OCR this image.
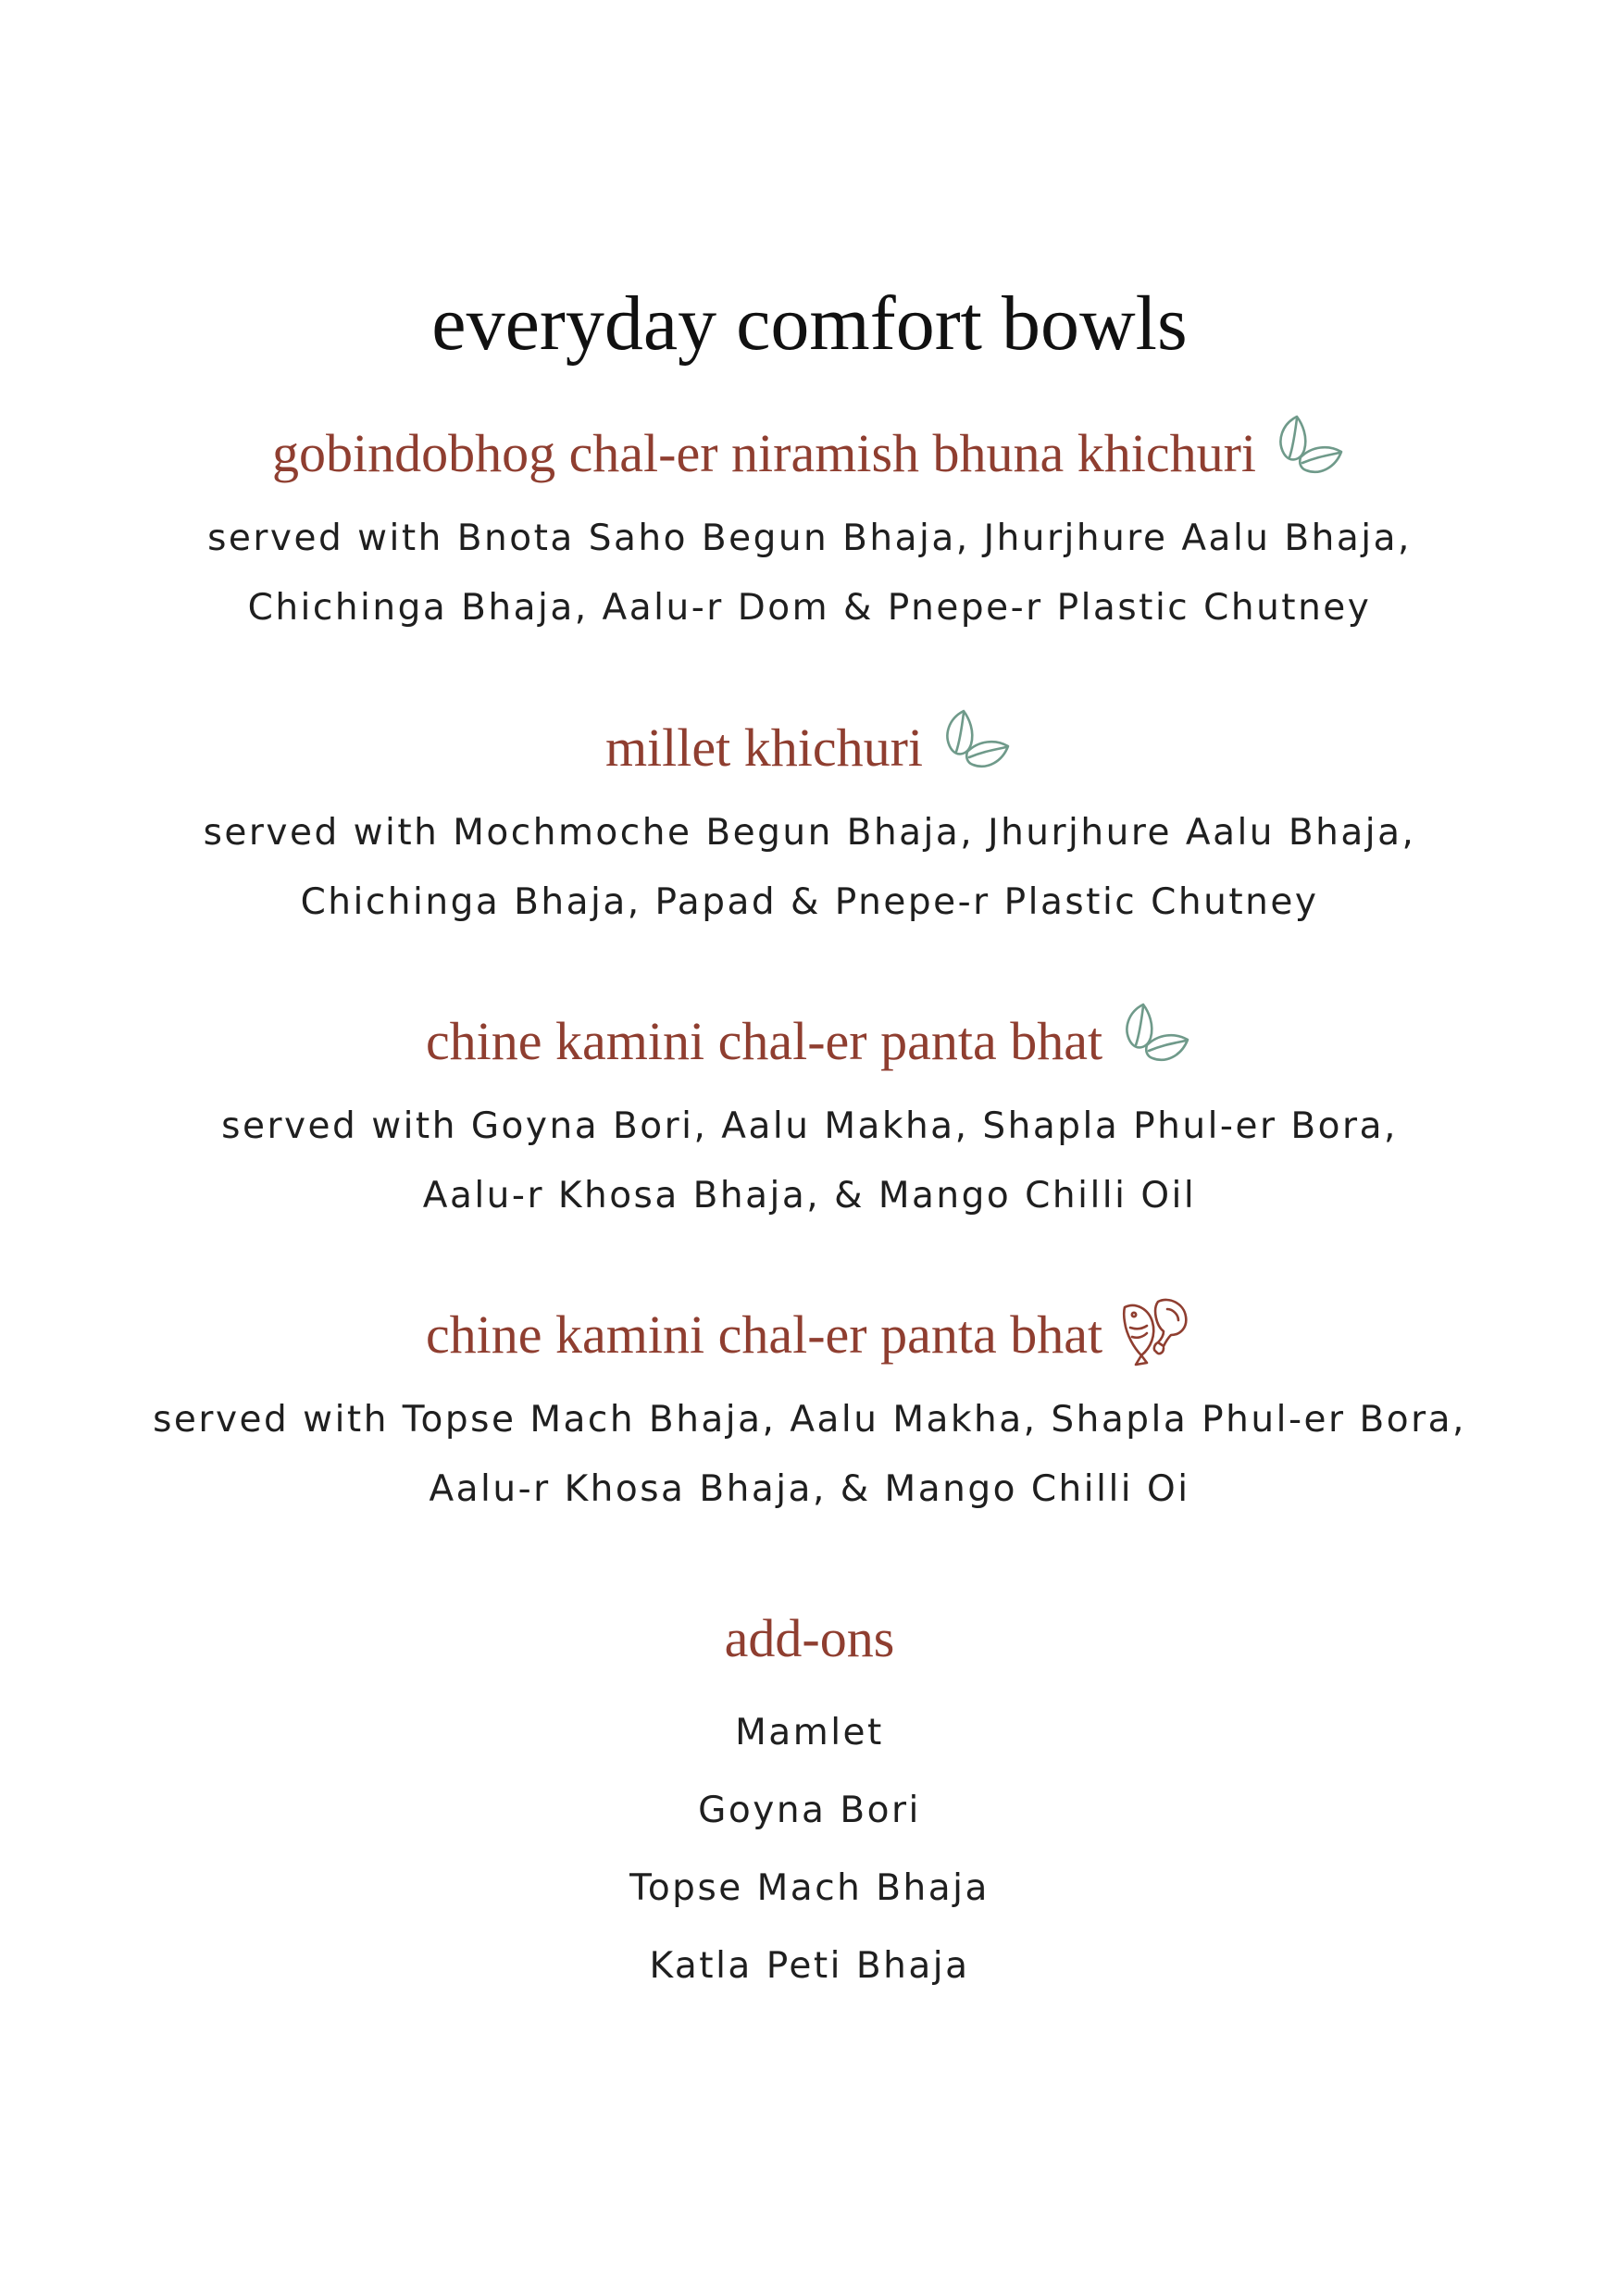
everyday comfort bowls
gobindobhog chal-er niramish bhuna khichuri
served with Bnota Saho Begun Bhaja, Jhurjhure Aalu Bhaja,
Chichinga Bhaja, Aalu-r Dom & Pnepe-r Plastic Chutney
millet khichuri
served with Mochmoche Begun Bhaja, Jhurjhure Aalu Bhaja,
Chichinga Bhaja, Papad & Pnepe-r Plastic Chutney
chine kamini chal-er panta bhat
served with Goyna Bori, Aalu Makha, Shapla Phul-er Bora,
Aalu-r Khosa Bhaja, & Mango Chilli Oil
chine kamini chal-er panta bhat
served with Topse Mach Bhaja, Aalu Makha, Shapla Phul-er Bora,
Aalu-r Khosa Bhaja, & Mango Chilli Oi
add-ons
Mamlet
Goyna Bori
Topse Mach Bhaja
Katla Peti Bhaja
